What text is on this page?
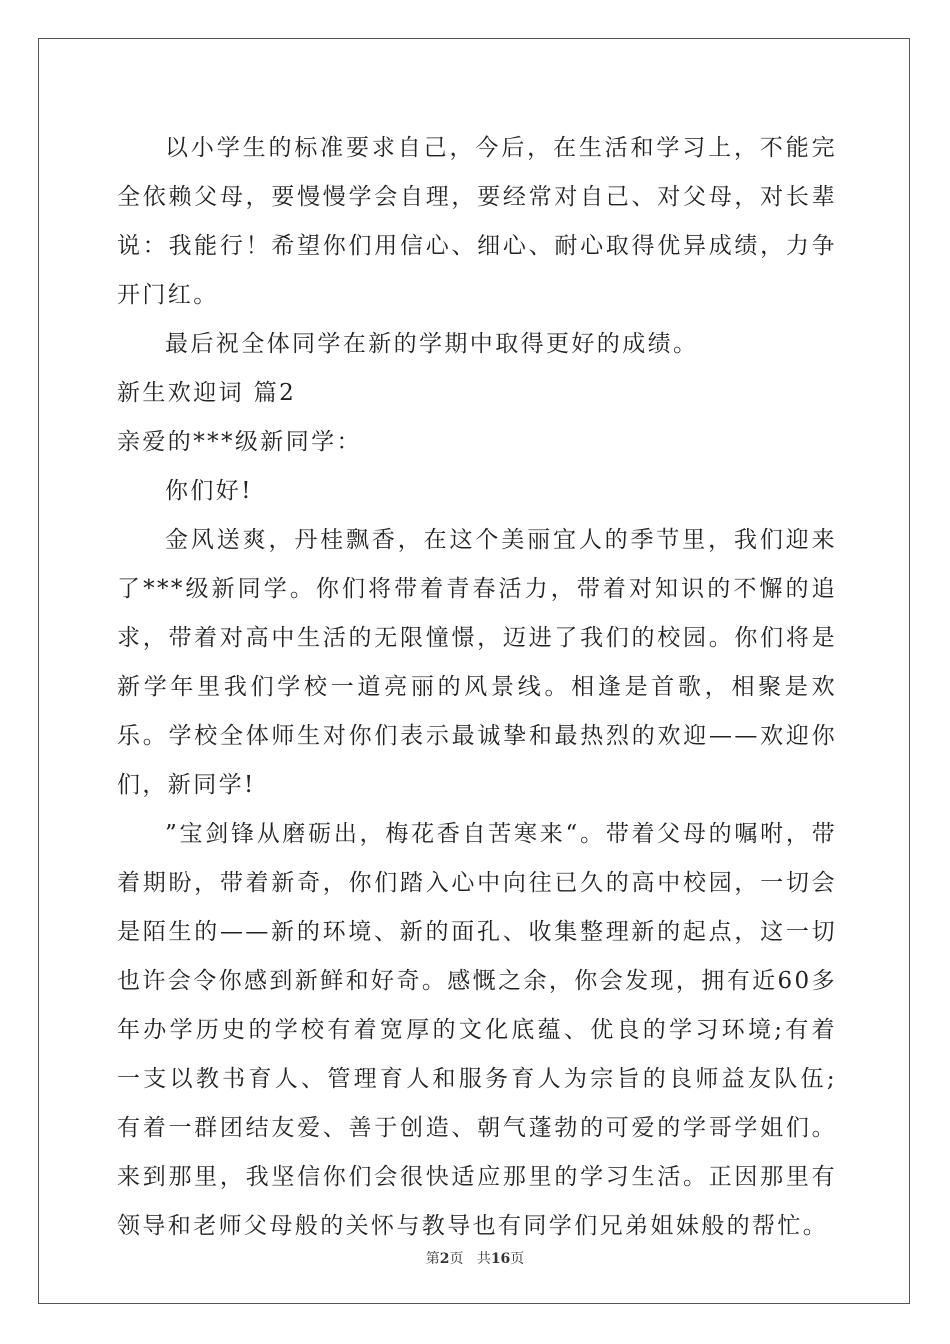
以小学生的标准要求自己，今后，在生活和学习上，不能完全依赖父母，要慢慢学会自理，要经常对自己、对父母，对长辈说：我能行！希望你们用信心、细心、耐心取得优异成绩，力争开门红。

最后祝全体同学在新的学期中取得更好的成绩。

新生欢迎词 篇2

亲爱的***级新同学：

你们好!

金风送爽，丹桂飘香，在这个美丽宜人的季节里，我们迎来了***级新同学。你们将带着青春活力，带着对知识的不懈的追求，带着对高中生活的无限憧憬，迈进了我们的校园。你们将是新学年里我们学校一道亮丽的风景线。相逢是首歌，相聚是欢乐。学校全体师生对你们表示最诚挚和最热烈的欢迎——欢迎你们，新同学!

”宝剑锋从磨砺出，梅花香自苦寒来“。带着父母的嘱咐，带着期盼，带着新奇，你们踏入心中向往已久的高中校园，一切会是陌生的——新的环境、新的面孔、收集整理新的起点，这一切也许会令你感到新鲜和好奇。感慨之余，你会发现，拥有近60多年办学历史的学校有着宽厚的文化底蕴、优良的学习环境;有着一支以教书育人、管理育人和服务育人为宗旨的良师益友队伍;有着一群团结友爱、善于创造、朝气蓬勃的可爱的学哥学姐们。来到那里，我坚信你们会很快适应那里的学习生活。正因那里有领导和老师父母般的关怀与教导也有同学们兄弟姐妹般的帮忙。

第2页 共16页
